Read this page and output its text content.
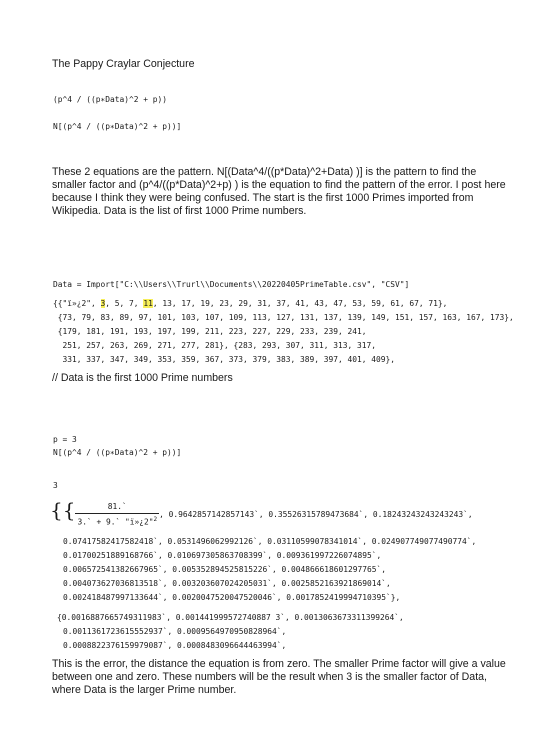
The Pappy Craylar Conjecture
(p^4 / ((p∗Data)^2 + p))
N[(p^4 / ((p∗Data)^2 + p))]
These 2 equations are the pattern. N[(Data^4/((p*Data)^2+Data) )] is the pattern to find the smaller factor and (p^4/((p*Data)^2+p) ) is the equation to find the pattern of the error. I post here because I think they were being confused. The start is the first 1000 Primes imported from Wikipedia. Data is the list of first 1000 Prime numbers.
Data = Import["C:\\Users\\Trurl\\Documents\\20220405PrimeTable.csv", "CSV"]
{{"ï»¿2", 3, 5, 7, 11, 13, 17, 19, 23, 29, 31, 37, 41, 43, 47, 53, 59, 61, 67, 71},
{73, 79, 83, 89, 97, 101, 103, 107, 109, 113, 127, 131, 137, 139, 149, 151, 157, 163, 167, 173},
{179, 181, 191, 193, 197, 199, 211, 223, 227, 229, 233, 239, 241,
251, 257, 263, 269, 271, 277, 281}, {283, 293, 307, 311, 313, 317,
331, 337, 347, 349, 353, 359, 367, 373, 379, 383, 389, 397, 401, 409},
// Data is the first 1000 Prime numbers
p = 3
N[(p^4 / ((p∗Data)^2 + p))]
3
{{ $\frac{81.`}{3.` + 9.` "ï»¿2"^2}$ , 0.9642857142857143`, 0.35526315789473684`, 0.18243243243243243`,
0.07417582417582418`, 0.0531496062992126`, 0.03110599078341014`, 0.024907749077490774`,
0.01700251889168766`, 0.010697305863708399`, 0.009361997226074895`,
0.006572541382667965`, 0.005352894525815226`, 0.004866618601297765`,
0.004073627036813518`, 0.003203607024205031`, 0.0025852163921869014`,
0.002418487997133644`, 0.0020047520047520046`, 0.0017852419994710395`},
{0.0016887665749311983`, 0.001441999572740887 3`, 0.0013063673311399264`,
0.0011361723615552937`, 0.0009564970950828964`,
0.0008822376159979087`, 0.0008483096644463994`,
This is the error, the distance the equation is from zero. The smaller Prime factor will give a value between one and zero. These numbers will be the result when 3 is the smaller factor of Data, where Data is the larger Prime number.
